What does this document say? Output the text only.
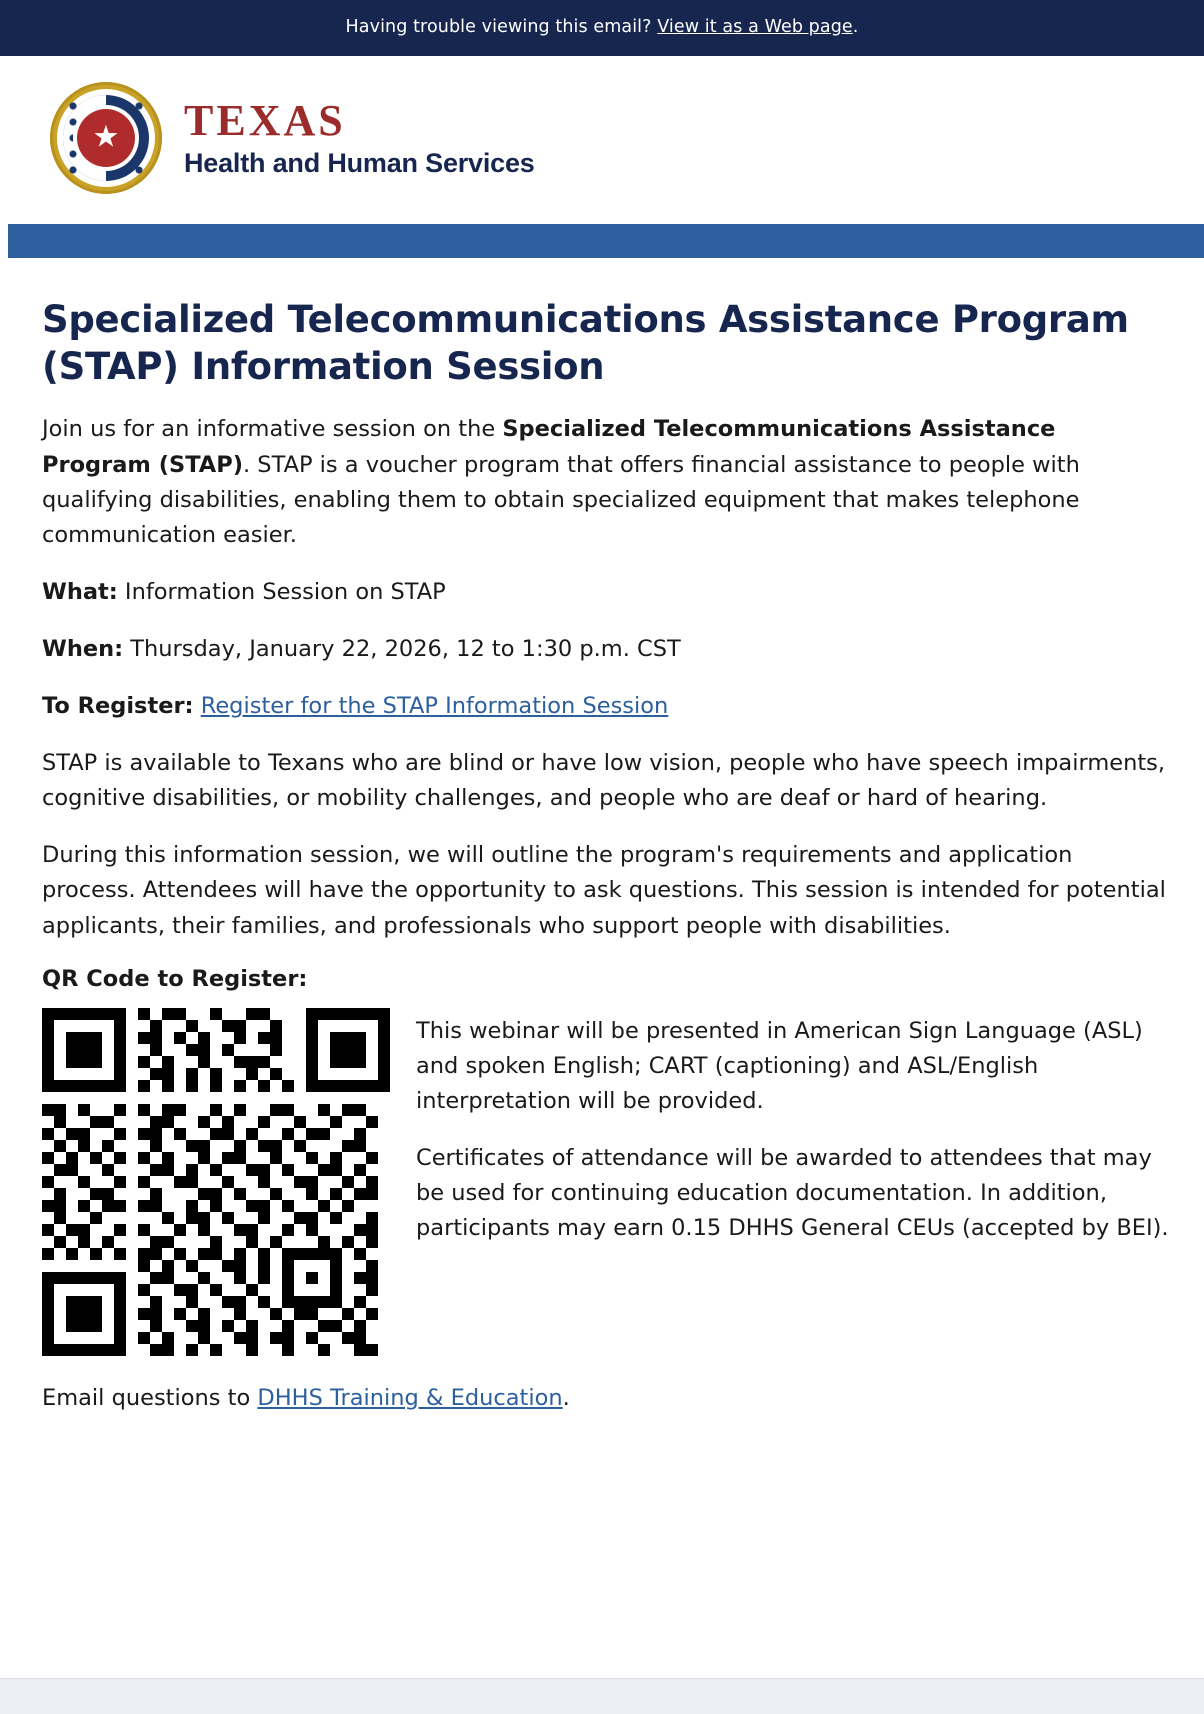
Having trouble viewing this email? View it as a Web page.
★ TEXAS
Health and Human Services
Specialized Telecommunications Assistance Program (STAP) Information Session

Join us for an informative session on the Specialized Telecommunications Assistance Program (STAP). STAP is a voucher program that offers financial assistance to people with qualifying disabilities, enabling them to obtain specialized equipment that makes telephone communication easier.

What: Information Session on STAP

When: Thursday, January 22, 2026, 12 to 1:30 p.m. CST

To Register: Register for the STAP Information Session

STAP is available to Texans who are blind or have low vision, people who have speech impairments, cognitive disabilities, or mobility challenges, and people who are deaf or hard of hearing.

During this information session, we will outline the program's requirements and application process. Attendees will have the opportunity to ask questions. This session is intended for potential applicants, their families, and professionals who support people with disabilities.

QR Code to Register:

This webinar will be presented in American Sign Language (ASL) and spoken English; CART (captioning) and ASL/English interpretation will be provided.

Certificates of attendance will be awarded to attendees that may be used for continuing education documentation. In addition, participants may earn 0.15 DHHS General CEUs (accepted by BEI).

Email questions to DHHS Training & Education.
